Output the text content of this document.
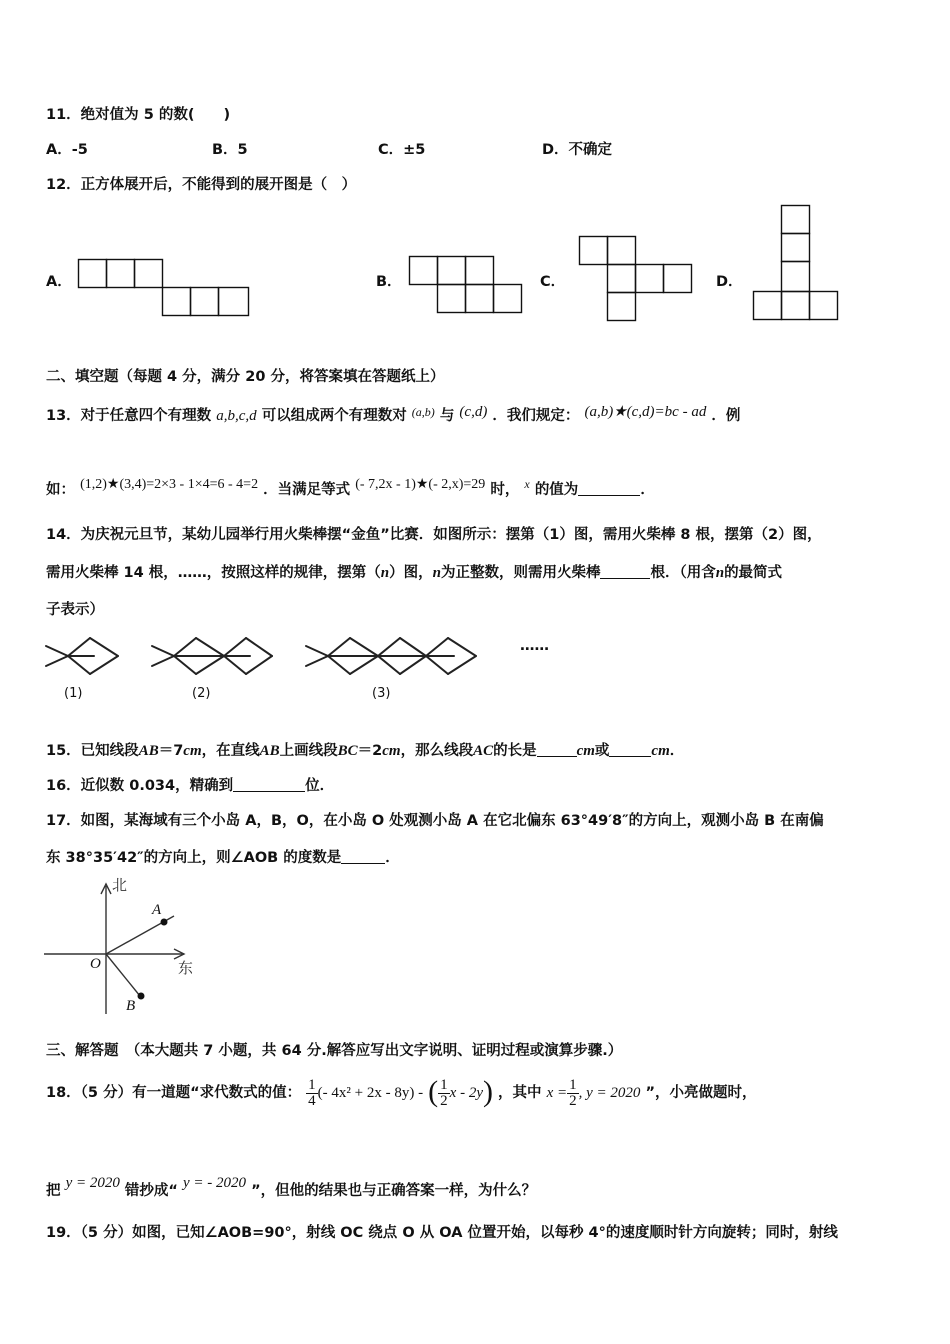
11．绝对值为 5 的数(　　)
A．-5	B．5	C．±5	D．不确定
12．正方体展开后，不能得到的展开图是（　）
A．	B．	C．	D．
二、填空题（每题 4 分，满分 20 分，将答案填在答题纸上）
13．对于任意四个有理数 a,b,c,d 可以组成两个有理数对 $^{(a,b)}$ 与 (c,d) ．我们规定： (a,b)★(c,d)=bc - ad ．例
如： (1,2)★(3,4)=2×3 - 1×4=6 - 4=2 ．当满足等式 (- 7,2x - 1)★(- 2,x)=29 时， $^x$ 的值为	．
14．为庆祝元旦节，某幼儿园举行用火柴棒摆“金鱼”比赛．如图所示：摆第（1）图，需用火柴棒 8 根，摆第（2）图，
需用火柴棒 14 根，……，按照这样的规律，摆第（n）图，n为正整数，则需用火柴棒	根．（用含n的最简式
子表示）
(1)	(2)	(3)
……
15．已知线段AB＝7cm，在直线AB上画线段BC＝2cm，那么线段AC的长是	cm或	cm．
16．近似数 0.034，精确到	位．
17．如图，某海域有三个小岛 A，B，O，在小岛 O 处观测小岛 A 在它北偏东 63°49′8″的方向上，观测小岛 B 在南偏
东 38°35′42″的方向上，则∠AOB 的度数是	．
北
东
O
A
B
三、解答题　（本大题共 7 小题，共 64 分.解答应写出文字说明、证明过程或演算步骤.）
18．（5 分）有一道题“求代数式的值： $\frac{1}{4}$ (- 4x² + 2x - 8y) - ( $\frac{1}{2}$ x - 2y) ，其中 $x = \frac{1}{2}$ , y = 2020 ”，小亮做题时，
把 y = 2020 错抄成“ y = - 2020 ”，但他的结果也与正确答案一样，为什么？
19．（5 分）如图，已知∠AOB=90°，射线 OC 绕点 O 从 OA 位置开始，以每秒 4°的速度顺时针方向旋转；同时，射线
